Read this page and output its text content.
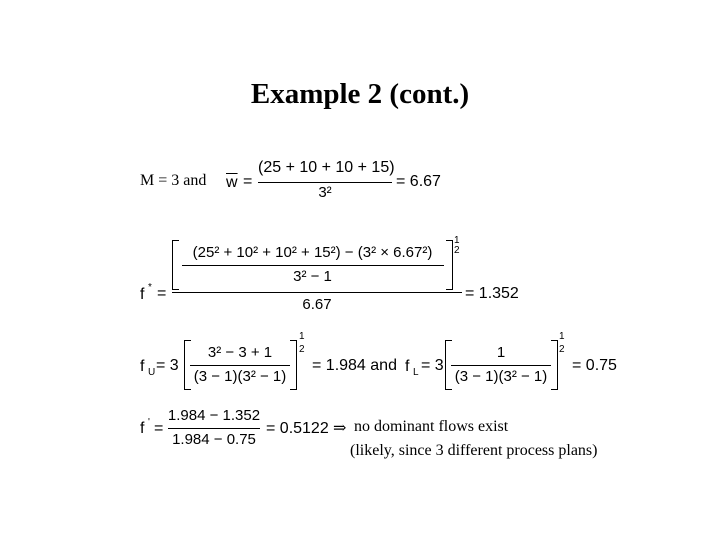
Example 2 (cont.)
M = 3 and $\overline{w}$ =
(25 + 10 + 10 + 15)
3²
= 6.67
f * =
(25² + 10² + 10² + 15²) − (3² × 6.67²)
3² − 1
1
2
6.67
= 1.352
f U = 3
3² − 3 + 1
(3 − 1)(3² − 1)
1
2
= 1.984 and f L = 3
1
(3 − 1)(3² − 1)
1
2
= 0.75
f ' =
1.984 − 1.352
1.984 − 0.75
= 0.5122 ⇒ no dominant flows exist
(likely, since 3 different process plans)
